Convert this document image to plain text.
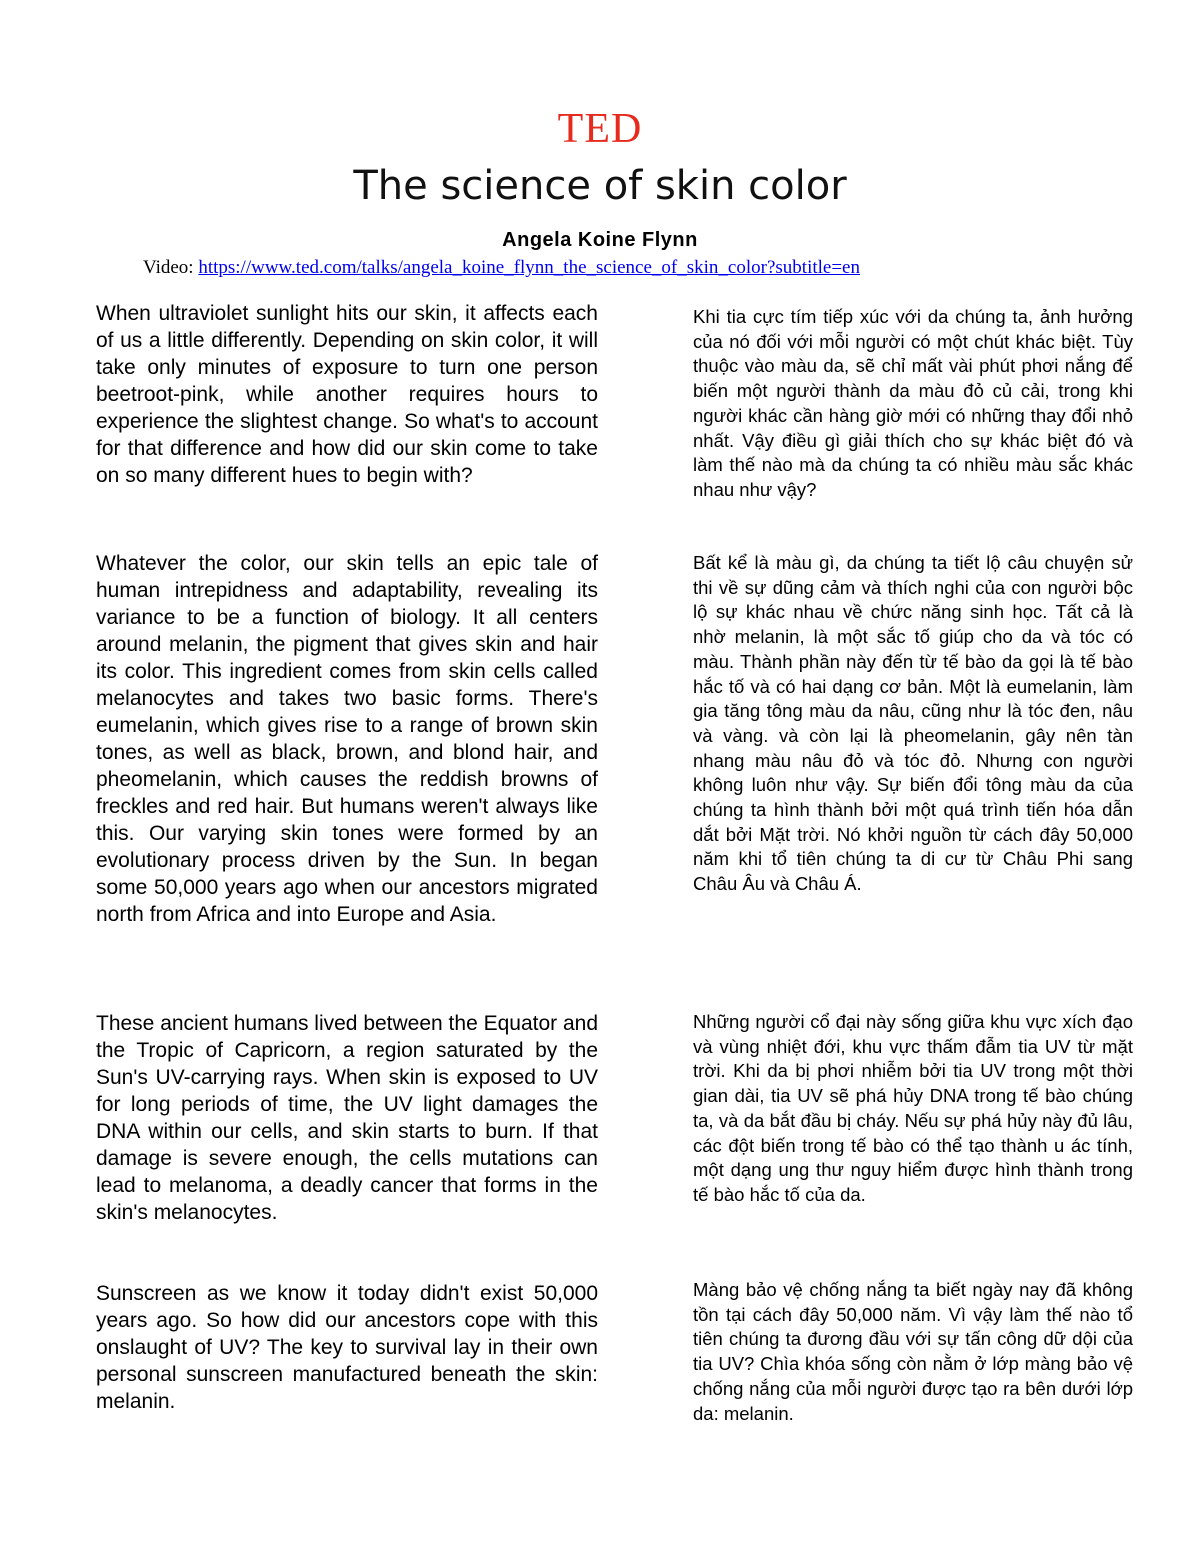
TED
The science of skin color
Angela Koine Flynn
Video: https://www.ted.com/talks/angela_koine_flynn_the_science_of_skin_color?subtitle=en

When ultraviolet sunlight hits our skin, it affects each of us a little differently. Depending on skin color, it will take only minutes of exposure to turn one person beetroot-pink, while another requires hours to experience the slightest change. So what's to account for that difference and how did our skin come to take on so many different hues to begin with?

Whatever the color, our skin tells an epic tale of human intrepidness and adaptability, revealing its variance to be a function of biology. It all centers around melanin, the pigment that gives skin and hair its color. This ingredient comes from skin cells called melanocytes and takes two basic forms. There's eumelanin, which gives rise to a range of brown skin tones, as well as black, brown, and blond hair, and pheomelanin, which causes the reddish browns of freckles and red hair. But humans weren't always like this. Our varying skin tones were formed by an evolutionary process driven by the Sun. In began some 50,000 years ago when our ancestors migrated north from Africa and into Europe and Asia.

These ancient humans lived between the Equator and the Tropic of Capricorn, a region saturated by the Sun's UV-carrying rays. When skin is exposed to UV for long periods of time, the UV light damages the DNA within our cells, and skin starts to burn. If that damage is severe enough, the cells mutations can lead to melanoma, a deadly cancer that forms in the skin's melanocytes.

Sunscreen as we know it today didn't exist 50,000 years ago. So how did our ancestors cope with this onslaught of UV? The key to survival lay in their own personal sunscreen manufactured beneath the skin: melanin.

Khi tia cực tím tiếp xúc với da chúng ta, ảnh hưởng của nó đối với mỗi người có một chút khác biệt. Tùy thuộc vào màu da, sẽ chỉ mất vài phút phơi nắng để biến một người thành da màu đỏ củ cải, trong khi người khác cần hàng giờ mới có những thay đổi nhỏ nhất. Vậy điều gì giải thích cho sự khác biệt đó và làm thế nào mà da chúng ta có nhiều màu sắc khác nhau như vậy?

Bất kể là màu gì, da chúng ta tiết lộ câu chuyện sử thi về sự dũng cảm và thích nghi của con người bộc lộ sự khác nhau về chức năng sinh học. Tất cả là nhờ melanin, là một sắc tố giúp cho da và tóc có màu. Thành phần này đến từ tế bào da gọi là tế bào hắc tố và có hai dạng cơ bản. Một là eumelanin, làm gia tăng tông màu da nâu, cũng như là tóc đen, nâu và vàng. và còn lại là pheomelanin, gây nên tàn nhang màu nâu đỏ và tóc đỏ. Nhưng con người không luôn như vậy. Sự biến đổi tông màu da của chúng ta hình thành bởi một quá trình tiến hóa dẫn dắt bởi Mặt trời. Nó khởi nguồn từ cách đây 50,000 năm khi tổ tiên chúng ta di cư từ Châu Phi sang Châu Âu và Châu Á.

Những người cổ đại này sống giữa khu vực xích đạo và vùng nhiệt đới, khu vực thấm đẫm tia UV từ mặt trời. Khi da bị phơi nhiễm bởi tia UV trong một thời gian dài, tia UV sẽ phá hủy DNA trong tế bào chúng ta, và da bắt đầu bị cháy. Nếu sự phá hủy này đủ lâu, các đột biến trong tế bào có thể tạo thành u ác tính, một dạng ung thư nguy hiểm được hình thành trong tế bào hắc tố của da.

Màng bảo vệ chống nắng ta biết ngày nay đã không tồn tại cách đây 50,000 năm. Vì vậy làm thế nào tổ tiên chúng ta đương đầu với sự tấn công dữ dội của tia UV? Chìa khóa sống còn nằm ở lớp màng bảo vệ chống nắng của mỗi người được tạo ra bên dưới lớp da: melanin.
